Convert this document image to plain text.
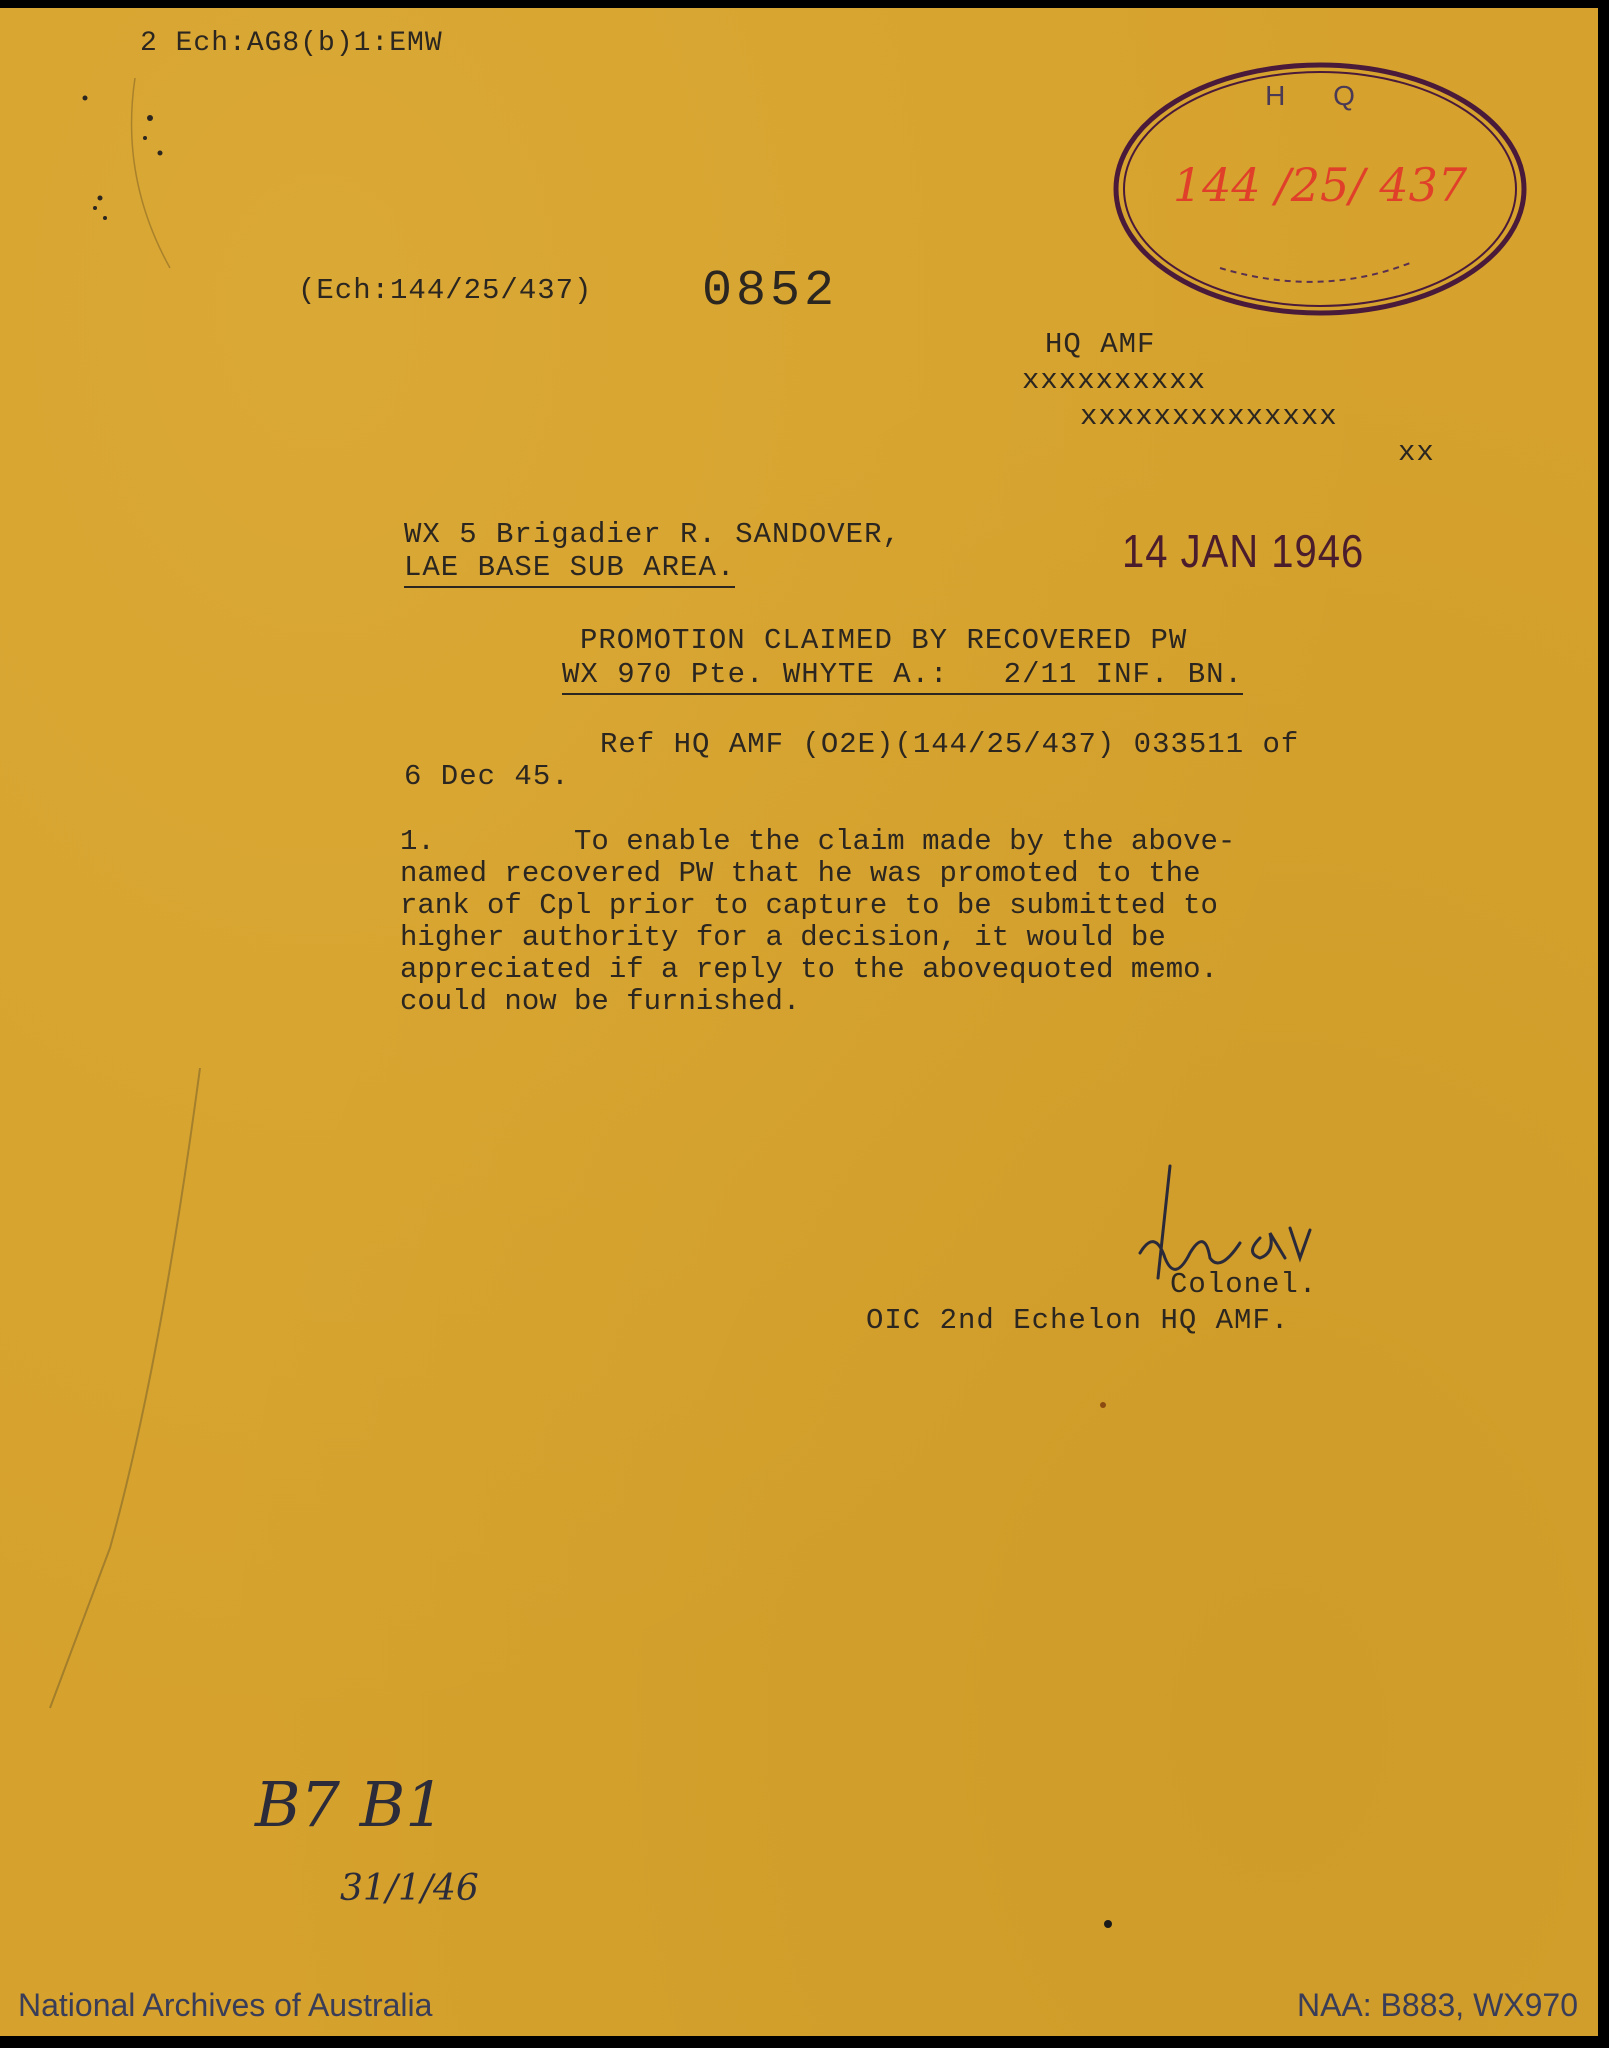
2 Ech:AG8(b)1:EMW
(Ech:144/25/437) 0852
H Q
144 /25/ 437
HQ AMF
xxxxxxxxxx
xxxxxxxxxxxxxx
xx
WX 5 Brigadier R. SANDOVER,
LAE BASE SUB AREA.	14 JAN 1946
PROMOTION CLAIMED BY RECOVERED PW
WX 970 Pte. WHYTE A.:   2/11 INF. BN.
Ref HQ AMF (O2E)(144/25/437) 033511 of
6 Dec 45.
1.        To enable the claim made by the above-
named recovered PW that he was promoted to the
rank of Cpl prior to capture to be submitted to
higher authority for a decision, it would be
appreciated if a reply to the abovequoted memo.
could now be furnished.
Colonel.
OIC 2nd Echelon HQ AMF.
B7 B1
31/1/46
National Archives of Australia	NAA: B883, WX970
